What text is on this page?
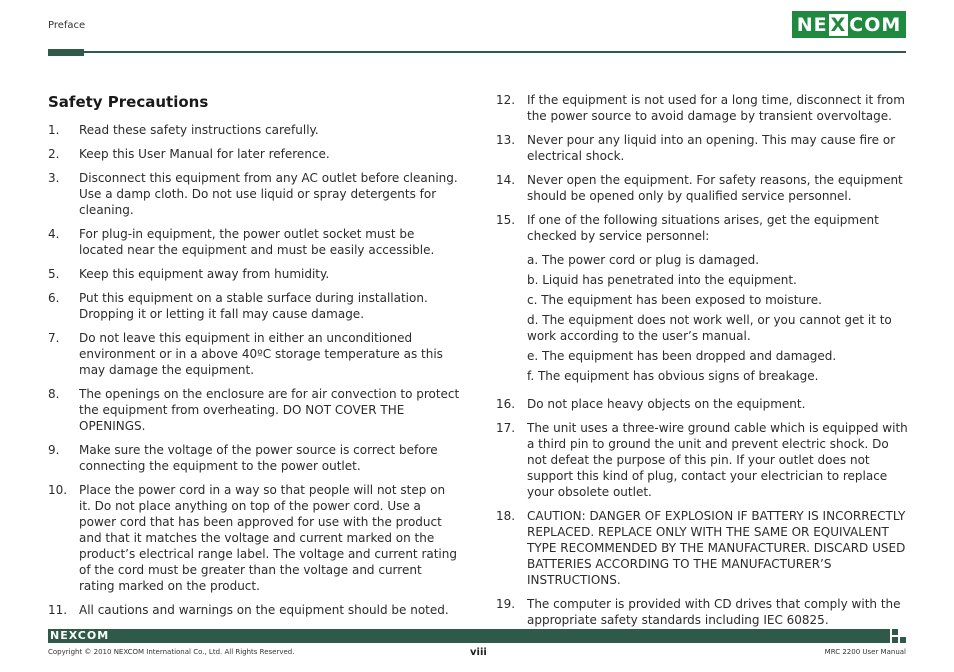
Preface	NE X COM
Safety Precautions
1.	Read these safety instructions carefully.
2.	Keep this User Manual for later reference.
3.	Disconnect this equipment from any AC outlet before cleaning. Use a damp cloth. Do not use liquid or spray detergents for cleaning.
4.	For plug-in equipment, the power outlet socket must be located near the equipment and must be easily accessible.
5.	Keep this equipment away from humidity.
6.	Put this equipment on a stable surface during installation. Dropping it or letting it fall may cause damage.
7.	Do not leave this equipment in either an unconditioned environment or in a above 40ºC storage temperature as this may damage the equipment.
8.	The openings on the enclosure are for air convection to protect the equipment from overheating. DO NOT COVER THE OPENINGS.
9.	Make sure the voltage of the power source is correct before connecting the equipment to the power outlet.
10. Place the power cord in a way so that people will not step on it. Do not place anything on top of the power cord. Use a power cord that has been approved for use with the product and that it matches the voltage and current marked on the product’s electrical range label. The voltage and current rating of the cord must be greater than the voltage and current rating marked on the product.
11. All cautions and warnings on the equipment should be noted.
12. If the equipment is not used for a long time, disconnect it from the power source to avoid damage by transient overvoltage.
13. Never pour any liquid into an opening. This may cause fire or electrical shock.
14. Never open the equipment. For safety reasons, the equipment should be opened only by qualified service personnel.
15. If one of the following situations arises, get the equipment checked by service personnel:
a. The power cord or plug is damaged.
b. Liquid has penetrated into the equipment.
c. The equipment has been exposed to moisture.
d. The equipment does not work well, or you cannot get it to work according to the user’s manual.
e. The equipment has been dropped and damaged.
f. The equipment has obvious signs of breakage.
16. Do not place heavy objects on the equipment.
17. The unit uses a three-wire ground cable which is equipped with a third pin to ground the unit and prevent electric shock. Do not defeat the purpose of this pin. If your outlet does not support this kind of plug, contact your electrician to replace your obsolete outlet.
18. CAUTION: DANGER OF EXPLOSION IF BATTERY IS INCORRECTLY REPLACED. REPLACE ONLY WITH THE SAME OR EQUIVALENT TYPE RECOMMENDED BY THE MANUFACTURER. DISCARD USED BATTERIES ACCORDING TO THE MANUFACTURER’S INSTRUCTIONS.
19. The computer is provided with CD drives that comply with the appropriate safety standards including IEC 60825.
NEXCOM
Copyright © 2010 NEXCOM International Co., Ltd. All Rights Reserved.	viii	MRC 2200 User Manual
